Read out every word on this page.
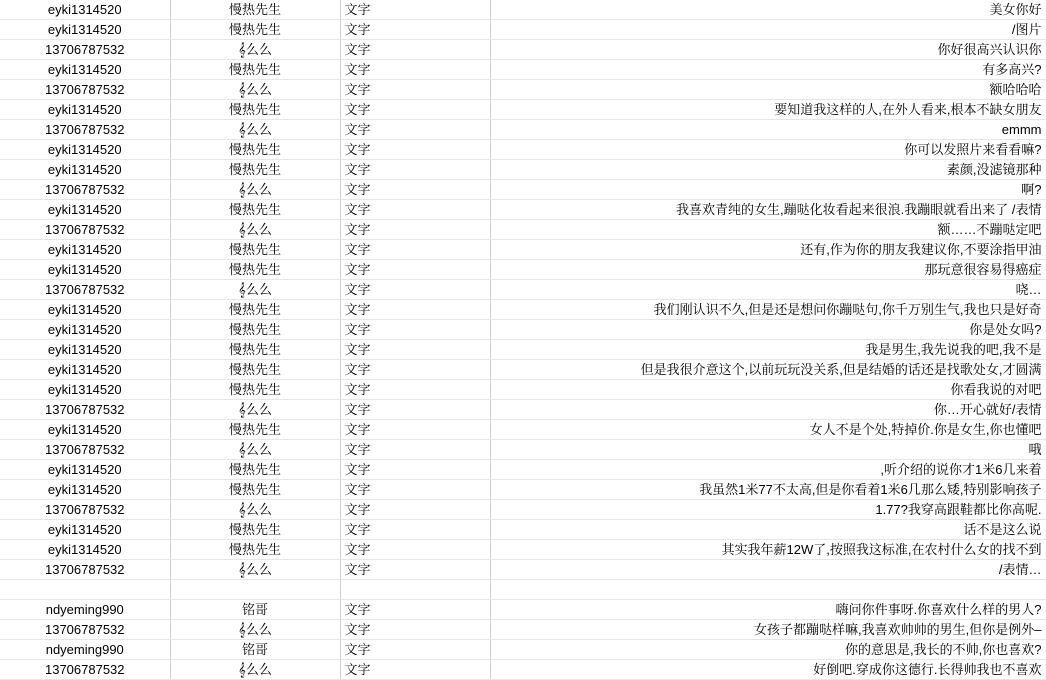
eyki1314520	慢热先生	文字	美女你好
eyki1314520	慢热先生	文字	/图片
13706787532	𝄞么么	文字	你好很高兴认识你
eyki1314520	慢热先生	文字	有多高兴?
13706787532	𝄞么么	文字	额哈哈哈
eyki1314520	慢热先生	文字	要知道我这样的人,在外人看来,根本不缺女朋友
13706787532	𝄞么么	文字	emmm
eyki1314520	慢热先生	文字	你可以发照片来看看嘛?
eyki1314520	慢热先生	文字	素颜,没滤镜那种
13706787532	𝄞么么	文字	啊?
eyki1314520	慢热先生	文字	我喜欢青纯的女生,蹦哒化妆看起来很浪.我蹦眼就看出来了 /表情
13706787532	𝄞么么	文字	额……不蹦哒定吧
eyki1314520	慢热先生	文字	还有,作为你的朋友我建议你,不要涂指甲油
eyki1314520	慢热先生	文字	那玩意很容易得癌症
13706787532	𝄞么么	文字	哓…
eyki1314520	慢热先生	文字	我们刚认识不久,但是还是想问你蹦哒句,你千万别生气,我也只是好奇
eyki1314520	慢热先生	文字	你是处女吗?
eyki1314520	慢热先生	文字	我是男生,我先说我的吧,我不是
eyki1314520	慢热先生	文字	但是我很介意这个,以前玩玩没关系,但是结婚的话还是找歌处女,才圆满
eyki1314520	慢热先生	文字	你看我说的对吧
13706787532	𝄞么么	文字	你…开心就好/表情
eyki1314520	慢热先生	文字	女人不是个处,特掉价.你是女生,你也懂吧
13706787532	𝄞么么	文字	哦
eyki1314520	慢热先生	文字	,听介绍的说你才1米6几来着
eyki1314520	慢热先生	文字	我虽然1米77不太高,但是你看着1米6几那么矮,特别影响孩子
13706787532	𝄞么么	文字	1.77?我穿高跟鞋都比你高呢.
eyki1314520	慢热先生	文字	话不是这么说
eyki1314520	慢热先生	文字	其实我年薪12W了,按照我这标准,在农村什么女的找不到
13706787532	𝄞么么	文字	/表情…

ndyeming990	铭哥	文字	嗨问你件事呀.你喜欢什么样的男人?
13706787532	𝄞么么	文字	女孩子都蹦哒样嘛,我喜欢帅帅的男生,但你是例外–
ndyeming990	铭哥	文字	你的意思是,我长的不帅,你也喜欢?
13706787532	𝄞么么	文字	好倒吧.穿成你这德行.长得帅我也不喜欢
